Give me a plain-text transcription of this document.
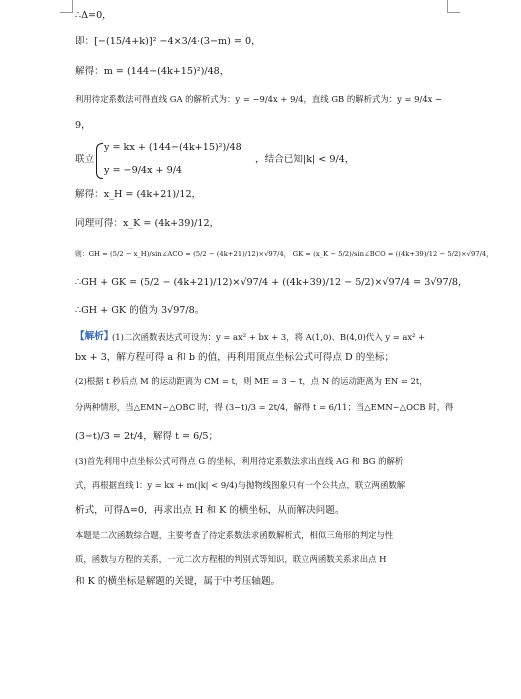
∴Δ=0，
即：[−(15/4+k)]² −4×3/4·(3−m) = 0，
解得：m = (144−(4k+15)²)/48，
利用待定系数法可得直线 GA 的解析式为：y = −9/4x + 9/4，直线 GB 的解析式为：y = 9/4x −
9，
y = kx + (144−(4k+15)²)/48
联立	，结合已知|k| < 9/4，
y = −9/4x + 9/4
解得：x_H = (4k+21)/12，
同理可得：x_K = (4k+39)/12，
则：GH = (5/2 − x_H)/sin∠ACO = (5/2 − (4k+21)/12)×√97/4， GK = (x_K − 5/2)/sin∠BCO = ((4k+39)/12 − 5/2)×√97/4，
∴GH + GK = (5/2 − (4k+21)/12)×√97/4 + ((4k+39)/12 − 5/2)×√97/4 = 3√97/8，
∴GH + GK 的值为 3√97/8。
【解析】
(1)二次函数表达式可设为：y = ax² + bx + 3，将 A(1,0)、B(4,0)代入 y = ax² +
bx + 3，解方程可得 a 和 b 的值，再利用顶点坐标公式可得点 D 的坐标；
(2)根据 t 秒后点 M 的运动距离为 CM = t，则 ME = 3 − t，点 N 的运动距离为 EN = 2t，
分两种情形，当△EMN∽△OBC 时，得 (3−t)/3 = 2t/4，解得 t = 6/11；当△EMN∽△OCB 时，得
(3−t)/3 = 2t/4，解得 t = 6/5；
(3)首先利用中点坐标公式可得点 G 的坐标，利用待定系数法求出直线 AG 和 BG 的解析
式，再根据直线 l：y = kx + m(|k| < 9/4)与抛物线图象只有一个公共点，联立两函数解
析式，可得Δ=0，再求出点 H 和 K 的横坐标，从而解决问题。
本题是二次函数综合题，主要考查了待定系数法求函数解析式，相似三角形的判定与性
质，函数与方程的关系，一元二次方程根的判别式等知识，联立两函数关系求出点 H
和 K 的横坐标是解题的关键，属于中考压轴题。
